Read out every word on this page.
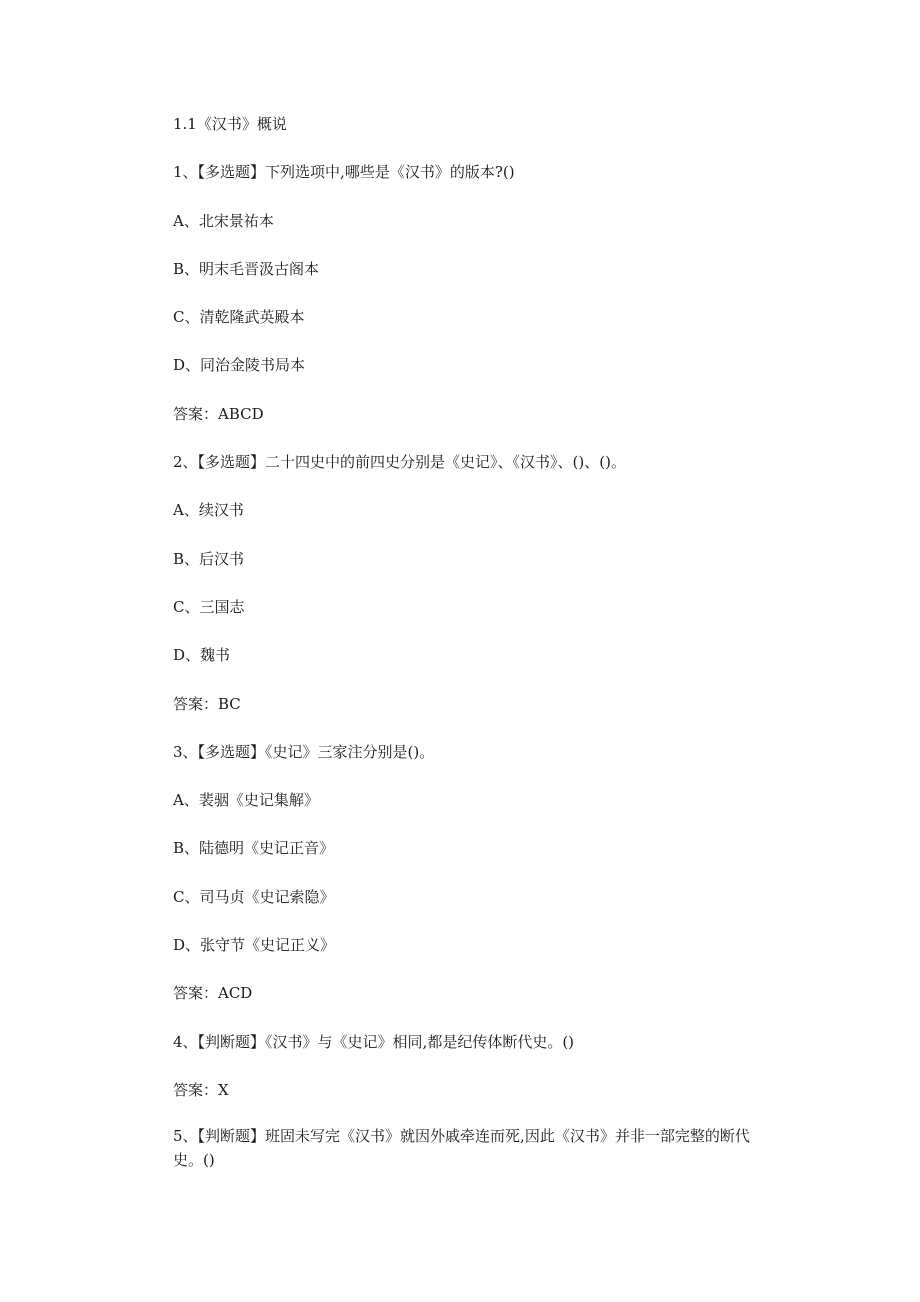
1.1《汉书》概说
1、【多选题】下列选项中,哪些是《汉书》的版本?()
A、北宋景祐本
B、明末毛晋汲古阁本
C、清乾隆武英殿本
D、同治金陵书局本
答案：ABCD
2、【多选题】二十四史中的前四史分别是《史记》、《汉书》、()、()。
A、续汉书
B、后汉书
C、三国志
D、魏书
答案：BC
3、【多选题】《史记》三家注分别是()。
A、裴骃《史记集解》
B、陆德明《史记正音》
C、司马贞《史记索隐》
D、张守节《史记正义》
答案：ACD
4、【判断题】《汉书》与《史记》相同,都是纪传体断代史。()
答案：X
5、【判断题】班固未写完《汉书》就因外戚牵连而死,因此《汉书》并非一部完整的断代史。()
